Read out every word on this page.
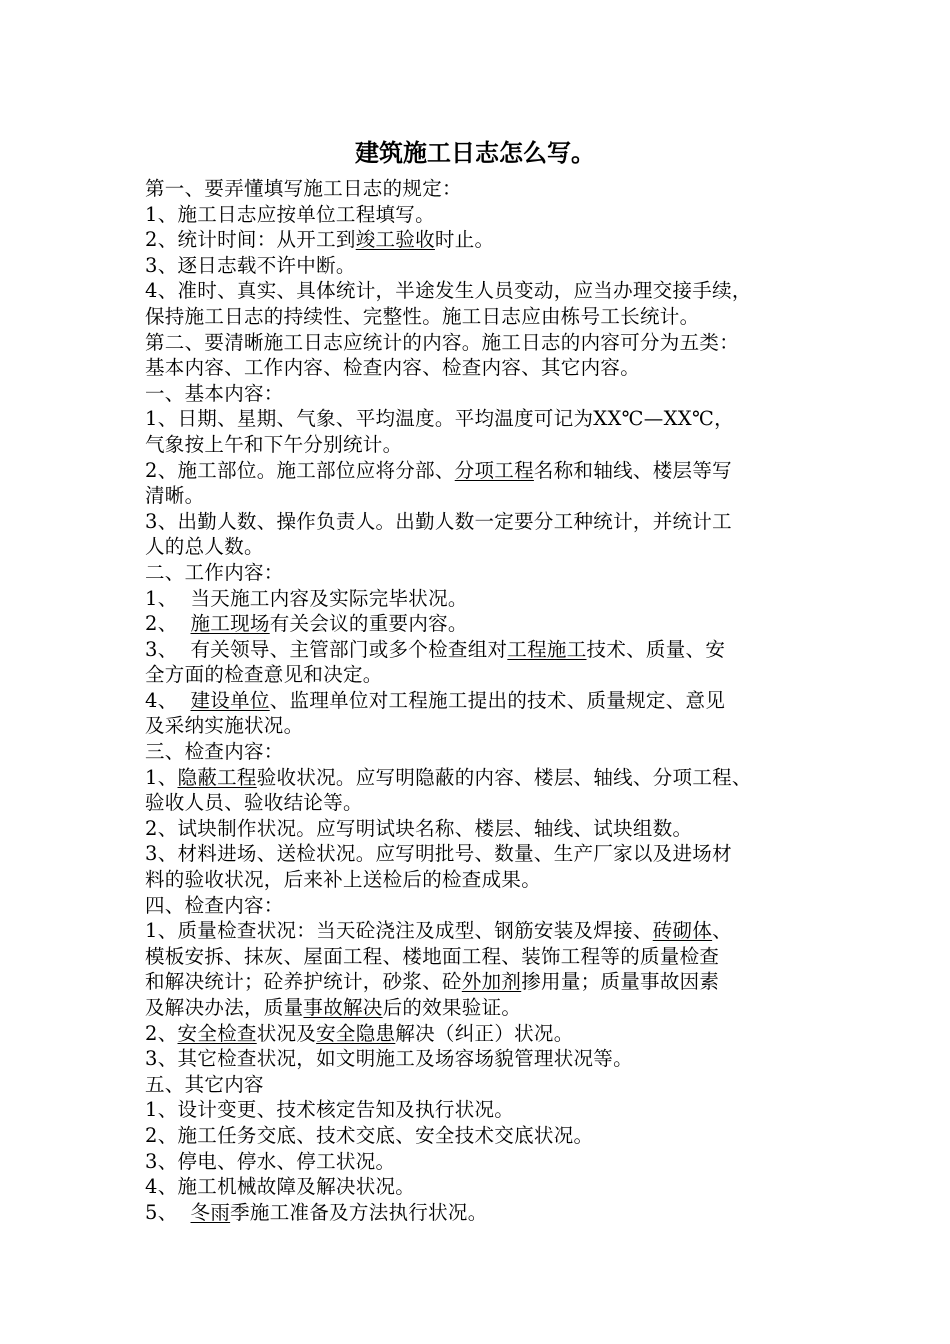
建筑施工日志怎么写。
第一、要弄懂填写施工日志的规定：
1、施工日志应按单位工程填写。
2、统计时间：从开工到竣工验收时止。
3、逐日志载不许中断。
4、准时、真实、具体统计，半途发生人员变动，应当办理交接手续，
保持施工日志的持续性、完整性。施工日志应由栋号工长统计。
第二、要清晰施工日志应统计的内容。施工日志的内容可分为五类：
基本内容、工作内容、检查内容、检查内容、其它内容。
一、基本内容：
1、日期、星期、气象、平均温度。平均温度可记为XX℃—XX℃，
气象按上午和下午分别统计。
2、施工部位。施工部位应将分部、分项工程名称和轴线、楼层等写
清晰。
3、出勤人数、操作负责人。出勤人数一定要分工种统计，并统计工
人的总人数。
二、工作内容：
1、  当天施工内容及实际完毕状况。
2、  施工现场有关会议的重要内容。
3、  有关领导、主管部门或多个检查组对工程施工技术、质量、安
全方面的检查意见和决定。
4、  建设单位、监理单位对工程施工提出的技术、质量规定、意见
及采纳实施状况。
三、检查内容：
1、隐蔽工程验收状况。应写明隐蔽的内容、楼层、轴线、分项工程、
验收人员、验收结论等。
2、试块制作状况。应写明试块名称、楼层、轴线、试块组数。
3、材料进场、送检状况。应写明批号、数量、生产厂家以及进场材
料的验收状况，后来补上送检后的检查成果。
四、检查内容：
1、质量检查状况：当天砼浇注及成型、钢筋安装及焊接、砖砌体、
模板安拆、抹灰、屋面工程、楼地面工程、装饰工程等的质量检查
和解决统计；砼养护统计，砂浆、砼外加剂掺用量；质量事故因素
及解决办法，质量事故解决后的效果验证。
2、安全检查状况及安全隐患解决（纠正）状况。
3、其它检查状况，如文明施工及场容场貌管理状况等。
五、其它内容
1、设计变更、技术核定告知及执行状况。
2、施工任务交底、技术交底、安全技术交底状况。
3、停电、停水、停工状况。
4、施工机械故障及解决状况。
5、  冬雨季施工准备及方法执行状况。
